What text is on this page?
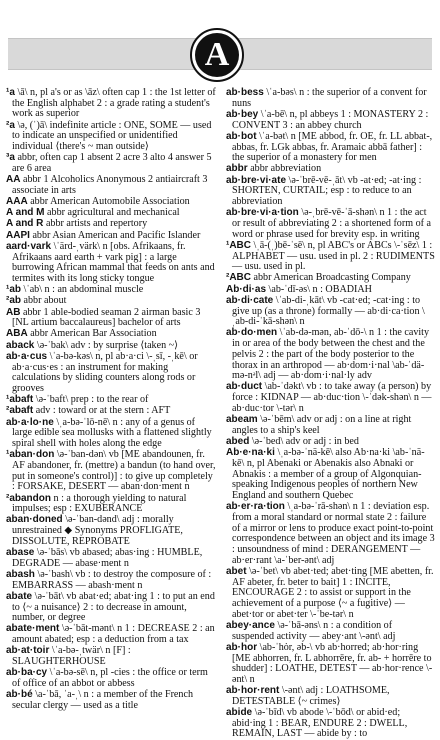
A

¹a \ā\ n, pl a's or as \āz\ often cap 1 : the 1st letter of the English alphabet 2 : a grade rating a student's work as superior

²a \ə, (ˈ)ā\ indefinite article : ONE, SOME — used to indicate an unspecified or unidentified individual ⟨there's ~ man outside⟩

³a abbr, often cap 1 absent 2 acre 3 alto 4 answer 5 are 6 area

AA abbr 1 Alcoholics Anonymous 2 antiaircraft 3 associate in arts

AAA abbr American Automobile Association

A and M abbr agricultural and mechanical

A and R abbr artists and repertory

AAPI abbr Asian American and Pacific Islander

aard·vark \ˈärd-ˌvärk\ n [obs. Afrikaans, fr. Afrikaans aard earth + vark pig] : a large burrowing African mammal that feeds on ants and termites with its long sticky tongue

¹ab \ˈab\ n : an abdominal muscle

²ab abbr about

AB abbr 1 able-bodied seaman 2 airman basic 3 [NL artium baccalaureus] bachelor of arts

ABA abbr American Bar Association

aback \ə-ˈbak\ adv : by surprise ⟨taken ~⟩

ab·a·cus \ˈa-bə-kəs\ n, pl ab·a·ci \-ˌsī, -ˌkē\ or ab·a·cus·es : an instrument for making calculations by sliding counters along rods or grooves

¹abaft \ə-ˈbaft\ prep : to the rear of

²abaft adv : toward or at the stern : AFT

ab·a·lo·ne \ˌa-bə-ˈlō-nē\ n : any of a genus of large edible sea mollusks with a flattened slightly spiral shell with holes along the edge

¹aban·don \ə-ˈban-dən\ vb [ME abandounen, fr. AF abandoner, fr. (mettre) a bandun (to hand over, put in someone's control)] : to give up completely : FORSAKE, DESERT — aban·don·ment n

²abandon n : a thorough yielding to natural impulses; esp : EXUBERANCE

aban·doned \ə-ˈban-dənd\ adj : morally unrestrained ◆ Synonyms PROFLIGATE, DISSOLUTE, REPROBATE

abase \ə-ˈbās\ vb abased; abas·ing : HUMBLE, DEGRADE — abase·ment n

abash \ə-ˈbash\ vb : to destroy the composure of : EMBARRASS — abash·ment n

abate \ə-ˈbāt\ vb abat·ed; abat·ing 1 : to put an end to ⟨~ a nuisance⟩ 2 : to decrease in amount, number, or degree

abate·ment \ə-ˈbāt-mənt\ n 1 : DECREASE 2 : an amount abated; esp : a deduction from a tax

ab·at·toir \ˈa-bə-ˌtwär\ n [F] : SLAUGHTERHOUSE

ab·ba·cy \ˈa-bə-sē\ n, pl -cies : the office or term of office of an abbot or abbess

ab·bé \a-ˈbā, ˈa-ˌ\ n : a member of the French secular clergy — used as a title

ab·bess \ˈa-bəs\ n : the superior of a convent for nuns

ab·bey \ˈa-bē\ n, pl abbeys 1 : MONASTERY 2 : CONVENT 3 : an abbey church

ab·bot \ˈa-bət\ n [ME abbod, fr. OE, fr. LL abbat-, abbas, fr. LGk abbas, fr. Aramaic abbā father] : the superior of a monastery for men

abbr abbr abbreviation

ab·bre·vi·ate \ə-ˈbrē-vē-ˌāt\ vb -at·ed; -at·ing : SHORTEN, CURTAIL; esp : to reduce to an abbreviation

ab·bre·vi·a·tion \ə-ˌbrē-vē-ˈā-shən\ n 1 : the act or result of abbreviating 2 : a shortened form of a word or phrase used for brevity esp. in writing

¹ABC \ˌā-(ˌ)bē-ˈsē\ n, pl ABC's or ABCs \-ˈsēz\ 1 : ALPHABET — usu. used in pl. 2 : RUDIMENTS — usu. used in pl.

²ABC abbr American Broadcasting Company

Ab·di·as \ab-ˈdī-əs\ n : OBADIAH

ab·di·cate \ˈab-di-ˌkāt\ vb -cat·ed; -cat·ing : to give up (as a throne) formally — ab·di·ca·tion \ˌab-di-ˈkā-shən\ n

ab·do·men \ˈab-də-mən, ab-ˈdō-\ n 1 : the cavity in or area of the body between the chest and the pelvis 2 : the part of the body posterior to the thorax in an arthropod — ab·dom·i·nal \ab-ˈdä-mə-nᵊl\ adj — ab·dom·i·nal·ly adv

ab·duct \ab-ˈdəkt\ vb : to take away (a person) by force : KIDNAP — ab·duc·tion \-ˈdək-shən\ n — ab·duc·tor \-tər\ n

abeam \ə-ˈbēm\ adv or adj : on a line at right angles to a ship's keel

abed \ə-ˈbed\ adv or adj : in bed

Ab·e·na·ki \ˌa-bə-ˈnä-kē\ also Ab·na·ki \ab-ˈnä-kē\ n, pl Abenaki or Abenakis also Abnaki or Abnakis : a member of a group of Algonquian-speaking Indigenous peoples of northern New England and southern Quebec

ab·er·ra·tion \ˌa-bə-ˈrā-shən\ n 1 : deviation esp. from a moral standard or normal state 2 : failure of a mirror or lens to produce exact point-to-point correspondence between an object and its image 3 : unsoundness of mind : DERANGEMENT — ab·er·rant \a-ˈber-ənt\ adj

abet \ə-ˈbet\ vb abet·ted; abet·ting [ME abetten, fr. AF abeter, fr. beter to bait] 1 : INCITE, ENCOURAGE 2 : to assist or support in the achievement of a purpose ⟨~ a fugitive⟩ — abet·tor or abet·ter \-ˈbe-tər\ n

abey·ance \ə-ˈbā-əns\ n : a condition of suspended activity — abey·ant \-ənt\ adj

ab·hor \ab-ˈhȯr, əb-\ vb ab·horred; ab·hor·ring [ME abhorren, fr. L abhorrēre, fr. ab- + horrēre to shudder] : LOATHE, DETEST — ab·hor·rence \-ənt\ n

ab·hor·rent \-ənt\ adj : LOATHSOME, DETESTABLE ⟨~ crimes⟩

abide \ə-ˈbīd\ vb abode \-ˈbōd\ or abid·ed; abid·ing 1 : BEAR, ENDURE 2 : DWELL, REMAIN, LAST — abide by : to
